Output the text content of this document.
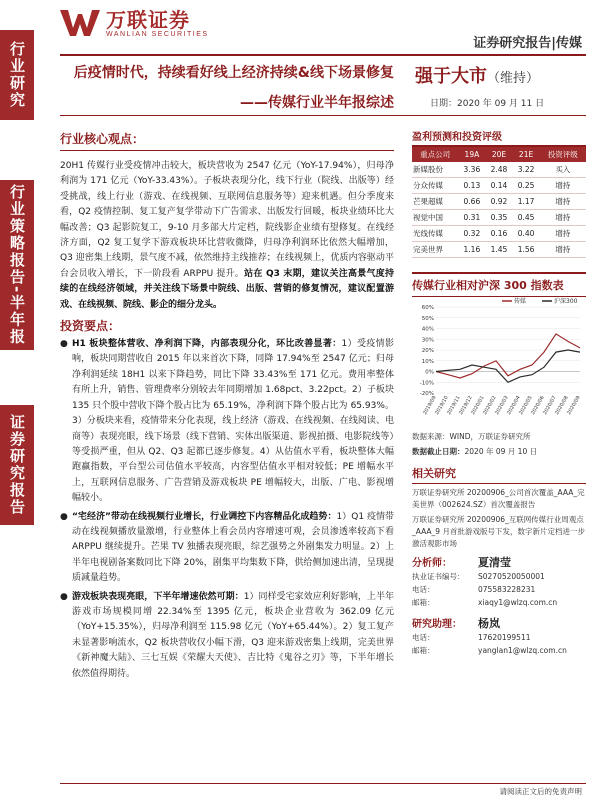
行业研究
行业策略报告-半年报
证券研究报告
万联证券
WANLIAN SECURITIES
证券研究报告|传媒
后疫情时代，持续看好线上经济持续&线下场景修复
——传媒行业半年报综述
强于大市（维持）
日期：2020 年 09 月 11 日
行业核心观点：

20H1 传媒行业受疫情冲击较大，板块营收为 2547 亿元（YoY-17.94%），归母净利润为 171 亿元（YoY-33.43%）。子板块表现分化，线下行业（院线、出版等）经受挑战，线上行业（游戏、在线视频、互联网信息服务等）迎来机遇。但分季度来看，Q2 疫情控制、复工复产复学带动下广告需求、出版发行回暖，板块业绩环比大幅改善；Q3 起影院复工，9-10 月多部大片定档，院线影企业绩有望修复。在线经济方面，Q2 复工复学下游戏板块环比营收微降，归母净利润环比依然大幅增加，Q3 迎密集上线期，景气度不减，依然维持主线推荐；在线视频上，优质内容驱动平台会员收入增长，下一阶段看 ARPPU 提升。站在 Q3 末期，建议关注高景气度持续的在线经济领域，并关注线下场景中院线、出版、营销的修复情况，建议配置游戏、在线视频、院线、影企的细分龙头。

投资要点：
● H1 板块整体营收、净利润下降，内部表现分化，环比改善显著：1）受疫情影响，板块同期营收自 2015 年以来首次下降，同降 17.94%至 2547 亿元；归母净利润延续 18H1 以来下降趋势，同比下降 33.43%至 171 亿元。费用率整体有所上升，销售、管理费率分别较去年同期增加 1.68pct、3.22pct。2）子板块 135 只个股中营收下降个股占比为 65.19%，净利润下降个股占比为 65.93%。3）分板块来看，疫情带来分化表现，线上经济（游戏、在线视频、在线阅读、电商等）表现亮眼，线下场景（线下营销、实体出版渠道、影视拍摄、电影院线等）等受损严重，但从 Q2、Q3 起都已逐步修复。4）从估值水平看，板块整体大幅跑赢指数，平台型公司估值水平较高，内容型估值水平相对较低；PE 增幅水平上，互联网信息服务、广告营销及游戏板块 PE 增幅较大，出版、广电、影视增幅较小。

● “宅经济”带动在线视频行业增长，行业调控下内容精品化成趋势：1）Q1 疫情带动在线视频播放量激增，行业整体上看会员内容增速可观，会员渗透率较高下看 ARPPU 继续提升。芒果 TV 独播表现亮眼，综艺强势之外剧集发力明显。2）上半年电视剧备案数同比下降 20%，剧集平均集数下降，供给侧加速出清，呈现提质减量趋势。

● 游戏板块表现亮眼，下半年增速依然可期：1）同样受宅家效应利好影响，上半年游戏市场规模同增 22.34%至 1395 亿元，板块企业营收为 362.09 亿元（YoY+15.35%），归母净利润至 115.98 亿元（YoY+65.44%）。2）复工复产未显著影响流水，Q2 板块营收仅小幅下滑，Q3 迎来游戏密集上线期，完美世界《新神魔大陆》、三七互娱《荣耀大天使》、吉比特《鬼谷之刃》等，下半年增长依然值得期待。

盈利预测和投资评级
重点公司	19A	20E	21E	投资评级
新媒股份	3.36	2.48	3.22	买入
分众传媒	0.13	0.14	0.25	增持
芒果超媒	0.66	0.92	1.17	增持
视觉中国	0.31	0.35	0.45	增持
光线传媒	0.32	0.16	0.40	增持
完美世界	1.16	1.45	1.56	增持
传媒行业相对沪深 300 指数表
60%
50%
40%
30%
20%
10%
0%
-10%
-20%
2019/09
2019/10
2019/11
2019/12
2020/01
2020/02
2020/03
2020/04
2020/05
2020/06
2020/07
2020/08
2020/09
传媒	沪深300
数据来源：WIND，万联证券研究所
数据截止日期：2020 年 09 月 10 日
相关研究
万联证券研究所 20200906_公司首次覆盖_AAA_完美世界（002624.SZ）首次覆盖报告
万联证券研究所 20200906_互联网传媒行业周观点_AAA_9 月首批游戏版号下发，数字新片定档进一步激活观影市场
分析师：	夏清莹
执业证书编号：	S0270520050001
电话：	075583228231
邮箱：	xiaqy1@wlzq.com.cn
研究助理：	杨岚
电话：	17620199511
邮箱：	yanglan1@wlzq.com.cn
请阅读正文后的免责声明
